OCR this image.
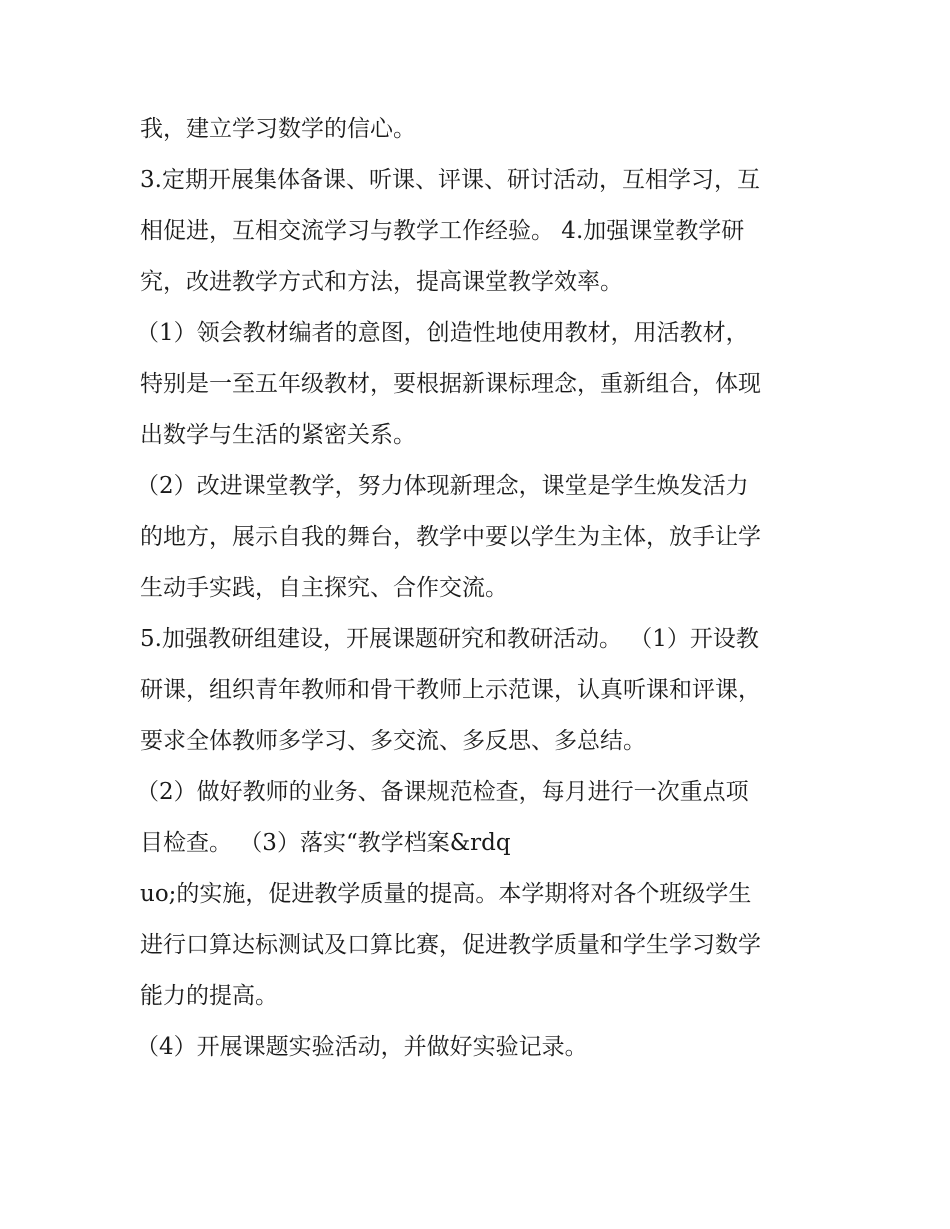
我，建立学习数学的信心。
3.定期开展集体备课、听课、评课、研讨活动，互相学习，互
相促进，互相交流学习与教学工作经验。 4.加强课堂教学研
究，改进教学方式和方法，提高课堂教学效率。
（1）领会教材编者的意图，创造性地使用教材，用活教材，
特别是一至五年级教材，要根据新课标理念，重新组合，体现
出数学与生活的紧密关系。
（2）改进课堂教学，努力体现新理念，课堂是学生焕发活力
的地方，展示自我的舞台，教学中要以学生为主体，放手让学
生动手实践，自主探究、合作交流。
5.加强教研组建设，开展课题研究和教研活动。 （1）开设教
研课，组织青年教师和骨干教师上示范课，认真听课和评课，
要求全体教师多学习、多交流、多反思、多总结。
（2）做好教师的业务、备课规范检查，每月进行一次重点项
目检查。 （3）落实“教学档案&rdq
uo;的实施，促进教学质量的提高。本学期将对各个班级学生
进行口算达标测试及口算比赛，促进教学质量和学生学习数学
能力的提高。
（4）开展课题实验活动，并做好实验记录。
